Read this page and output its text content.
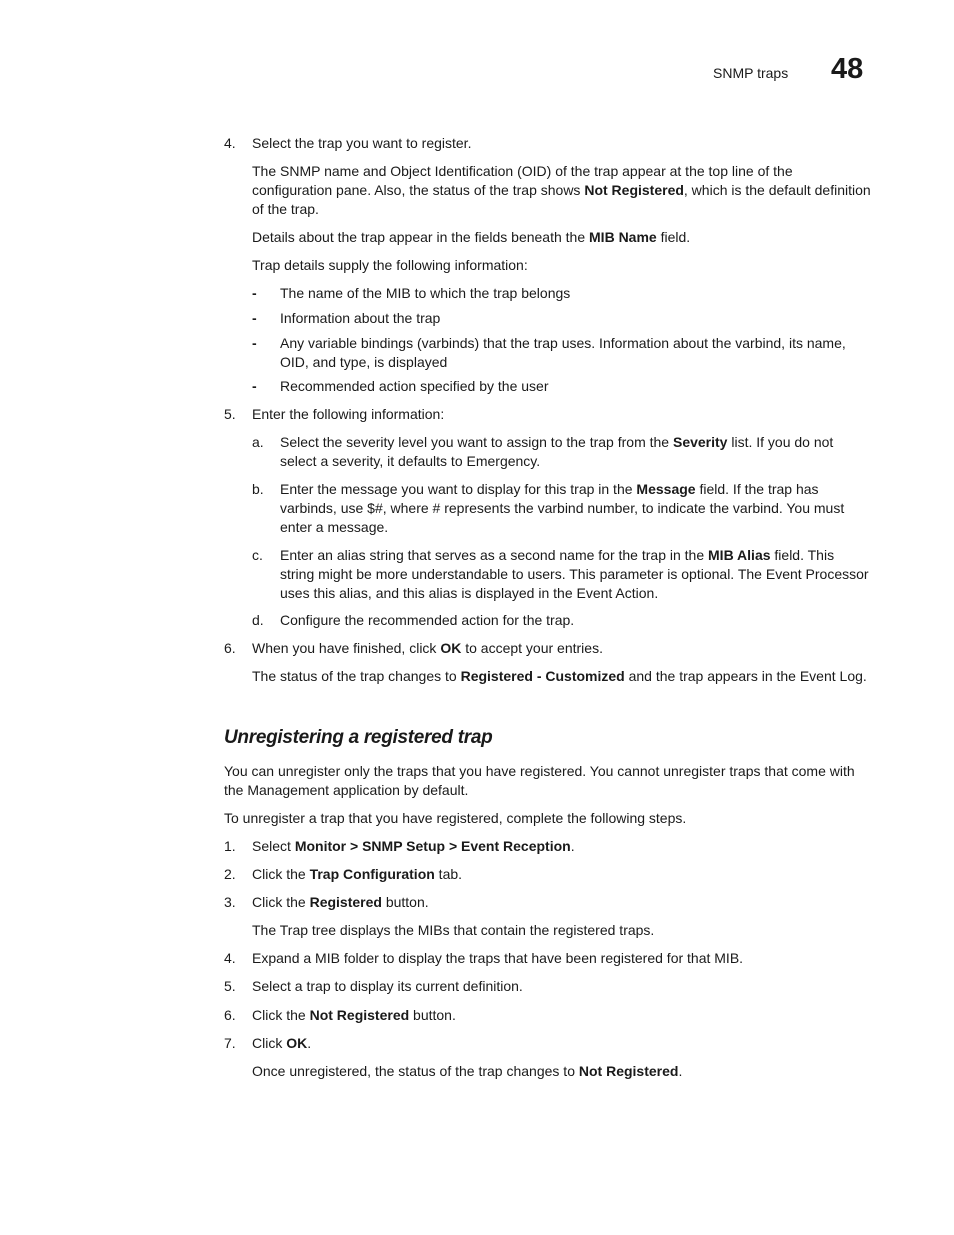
SNMP traps 48
4. Select the trap you want to register.

The SNMP name and Object Identification (OID) of the trap appear at the top line of the configuration pane. Also, the status of the trap shows Not Registered, which is the default definition of the trap.

Details about the trap appear in the fields beneath the MIB Name field.

Trap details supply the following information:

- The name of the MIB to which the trap belongs

- Information about the trap

- Any variable bindings (varbinds) that the trap uses. Information about the varbind, its name, OID, and type, is displayed

- Recommended action specified by the user

5. Enter the following information:

a. Select the severity level you want to assign to the trap from the Severity list. If you do not select a severity, it defaults to Emergency.

b. Enter the message you want to display for this trap in the Message field. If the trap has varbinds, use $#, where # represents the varbind number, to indicate the varbind. You must enter a message.

c. Enter an alias string that serves as a second name for the trap in the MIB Alias field. This string might be more understandable to users. This parameter is optional. The Event Processor uses this alias, and this alias is displayed in the Event Action.

d. Configure the recommended action for the trap.

6. When you have finished, click OK to accept your entries.

The status of the trap changes to Registered - Customized and the trap appears in the Event Log.

Unregistering a registered trap

You can unregister only the traps that you have registered. You cannot unregister traps that come with the Management application by default.

To unregister a trap that you have registered, complete the following steps.

1. Select Monitor > SNMP Setup > Event Reception.

2. Click the Trap Configuration tab.

3. Click the Registered button.

The Trap tree displays the MIBs that contain the registered traps.

4. Expand a MIB folder to display the traps that have been registered for that MIB.

5. Select a trap to display its current definition.

6. Click the Not Registered button.

7. Click OK.

Once unregistered, the status of the trap changes to Not Registered.
